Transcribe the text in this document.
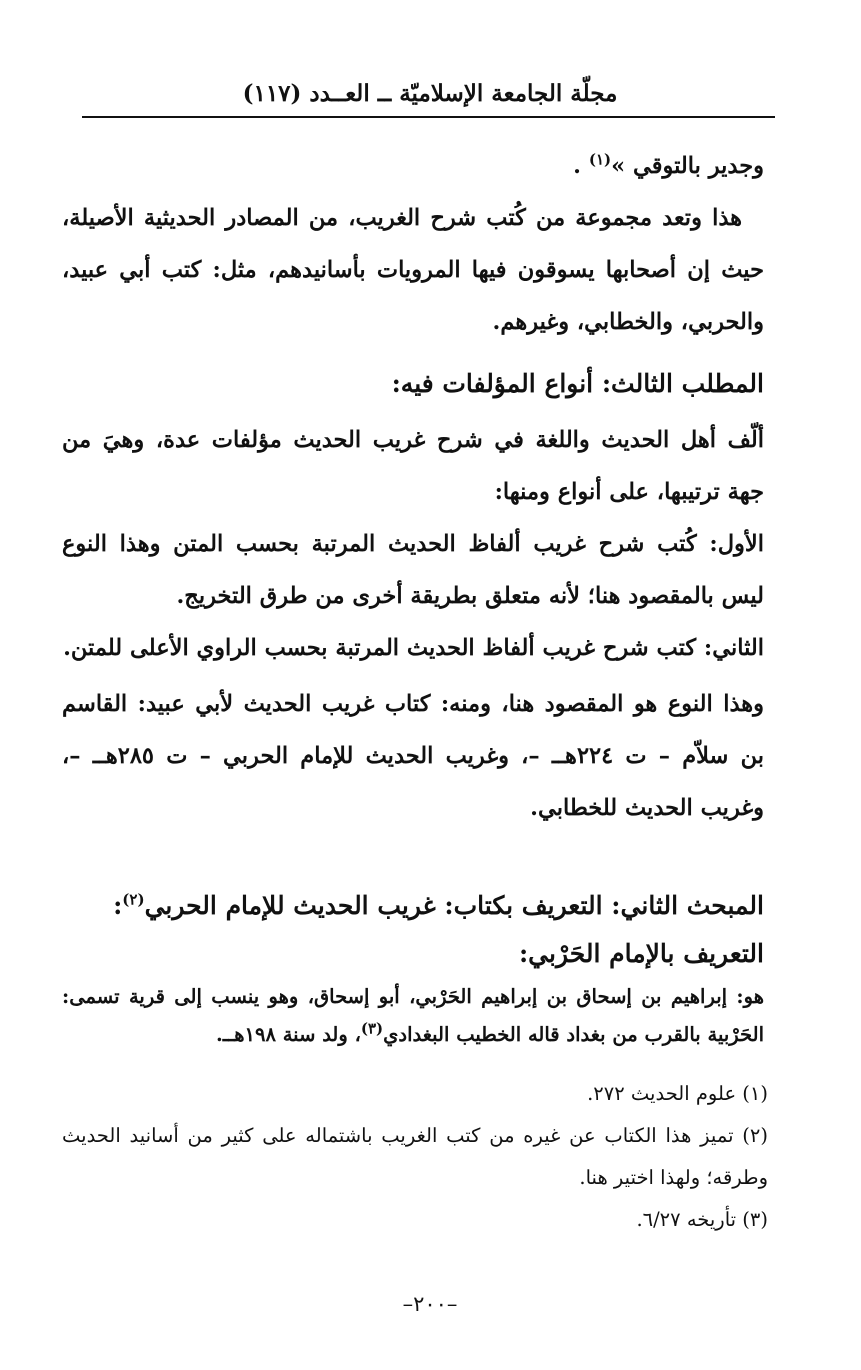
مجلّة الجامعة الإسلاميّة ــ العــدد (١١٧)

وجدير بالتوقي »$^{(١)}$ .

هذا وتعد مجموعة من كُتب شرح الغريب، من المصادر الحديثية الأصيلة، حيث إن أصحابها يسوقون فيها المرويات بأسانيدهم، مثل: كتب أبي عبيد، والحربي، والخطابي، وغيرهم.

المطلب الثالث: أنواع المؤلفات فيه:

ألّف أهل الحديث واللغة في شرح غريب الحديث مؤلفات عدة، وهيَ من جهة ترتيبها، على أنواع ومنها:

الأول: كُتب شرح غريب ألفاظ الحديث المرتبة بحسب المتن وهذا النوع ليس بالمقصود هنا؛ لأنه متعلق بطريقة أخرى من طرق التخريج.

الثاني: كتب شرح غريب ألفاظ الحديث المرتبة بحسب الراوي الأعلى للمتن.

وهذا النوع هو المقصود هنا، ومنه: كتاب غريب الحديث لأبي عبيد: القاسم بن سلاّم – ت ٢٢٤هــ –، وغريب الحديث للإمام الحربي – ت ٢٨٥هــ –، وغريب الحديث للخطابي.

المبحث الثاني: التعريف بكتاب: غريب الحديث للإمام الحربي$^{(٢)}$:

التعريف بالإمام الحَرْبي:

هو: إبراهيم بن إسحاق بن إبراهيم الحَرْبي، أبو إسحاق، وهو ينسب إلى قرية تسمى: الحَرْبية بالقرب من بغداد قاله الخطيب البغدادي$^{(٣)}$، ولد سنة ١٩٨هــ.

(١) علوم الحديث ٢٧٢.

(٢) تميز هذا الكتاب عن غيره من كتب الغريب باشتماله على كثير من أسانيد الحديث وطرقه؛ ولهذا اختير هنا.

(٣) تأريخه ٦/٢٧.

–٢٠٠–
